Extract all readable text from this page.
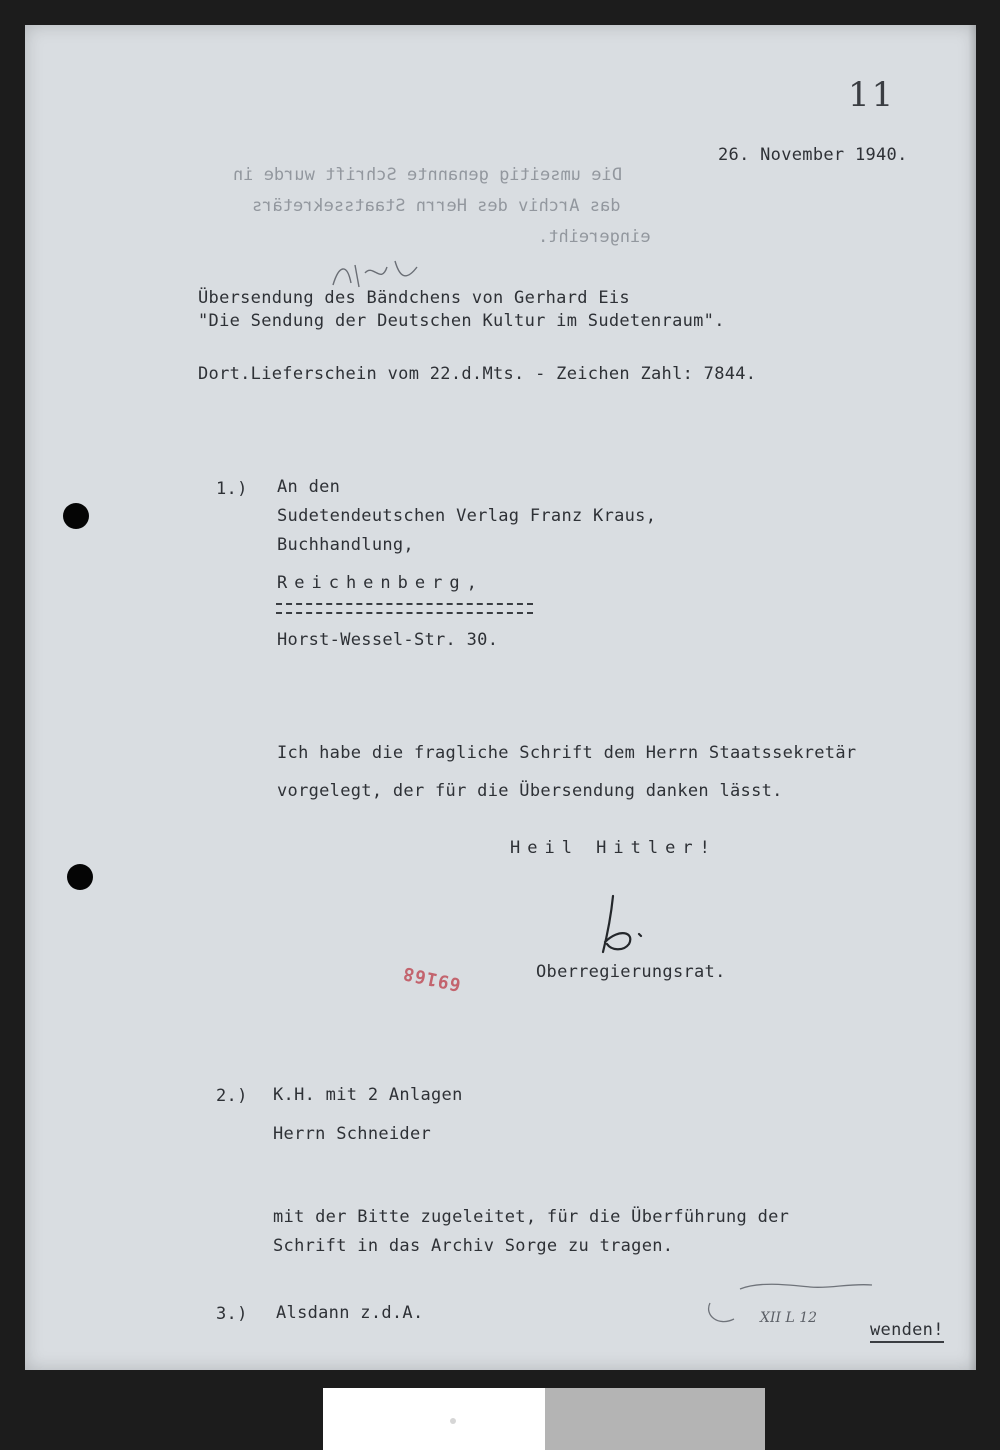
11
26. November 1940.
Die umseitig genannte Schrift wurde in
das Archiv des Herrn Staatssekretärs
eingereiht.
Übersendung des Bändchens von Gerhard Eis
"Die Sendung der Deutschen Kultur im Sudetenraum".
Dort.Lieferschein vom 22.d.Mts. - Zeichen Zahl: 7844.
1.) An den
Sudetendeutschen Verlag Franz Kraus,
Buchhandlung,
Reichenberg,
Horst-Wessel-Str. 30.
Ich habe die fragliche Schrift dem Herrn Staatssekretär
vorgelegt, der für die Übersendung danken lässt.
Heil Hitler!
Oberregierungsrat.
69168
2.) K.H. mit 2 Anlagen
Herrn Schneider
mit der Bitte zugeleitet, für die Überführung der
Schrift in das Archiv Sorge zu tragen.
3.) Alsdann z.d.A.	XII L 12
wenden!
